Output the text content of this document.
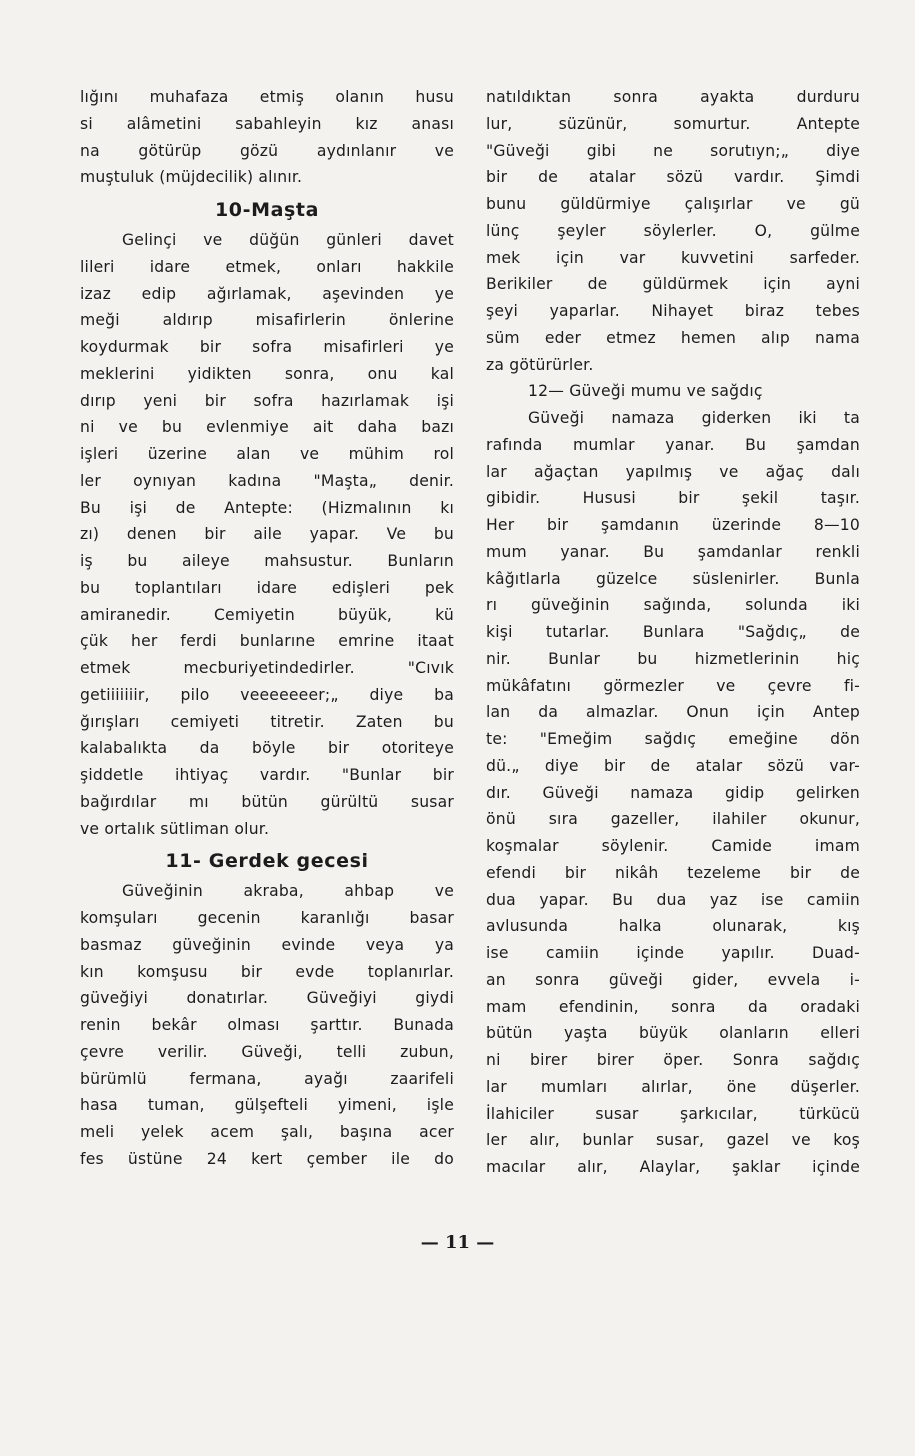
lığını muhafaza etmiş olanın husu
si alâmetini sabahleyin kız anası
na götürüp gözü aydınlanır ve
muştuluk (müjdecilik) alınır.
10-Maşta
Gelinçi ve düğün günleri davet
lileri idare etmek, onları hakkile
izaz edip ağırlamak, aşevinden ye
meği aldırıp misafirlerin önlerine
koydurmak bir sofra misafirleri ye
meklerini yidikten sonra, onu kal
dırıp yeni bir sofra hazırlamak işi
ni ve bu evlenmiye ait daha bazı
işleri üzerine alan ve mühim rol
ler oynıyan kadına "Maşta„ denir.
Bu işi de Antepte: (Hizmalının kı
zı) denen bir aile yapar. Ve bu
iş bu aileye mahsustur. Bunların
bu toplantıları idare edişleri pek
amiranedir. Cemiyetin büyük, kü
çük her ferdi bunlarıne emrine itaat
etmek mecburiyetindedirler. "Cıvık
getiiiiiiir, pilo veeeeeeer;„ diye ba
ğırışları cemiyeti titretir. Zaten bu
kalabalıkta da böyle bir otoriteye
şiddetle ihtiyaç vardır. "Bunlar bir
bağırdılar mı bütün gürültü susar
ve ortalık sütliman olur.
11- Gerdek gecesi
Güveğinin akraba, ahbap ve
komşuları gecenin karanlığı basar
basmaz güveğinin evinde veya ya
kın komşusu bir evde toplanırlar.
güveğiyi donatırlar. Güveğiyi giydi
renin bekâr olması şarttır. Bunada
çevre verilir. Güveği, telli zubun,
bürümlü fermana, ayağı zaarifeli
hasa tuman, gülşefteli yimeni, işle
meli yelek acem şalı, başına acer
fes üstüne 24 kert çember ile do
natıldıktan sonra ayakta durduru
lur, süzünür, somurtur. Antepte
"Güveği gibi ne sorutıyn;„ diye
bir de atalar sözü vardır. Şimdi
bunu güldürmiye çalışırlar ve gü
lünç şeyler söylerler. O, gülme
mek için var kuvvetini sarfeder.
Berikiler de güldürmek için ayni
şeyi yaparlar. Nihayet biraz tebes
süm eder etmez hemen alıp nama
za götürürler.
12— Güveği mumu ve sağdıç
Güveği namaza giderken iki ta
rafında mumlar yanar. Bu şamdan
lar ağaçtan yapılmış ve ağaç dalı
gibidir. Hususi bir şekil taşır.
Her bir şamdanın üzerinde 8—10
mum yanar. Bu şamdanlar renkli
kâğıtlarla güzelce süslenirler. Bunla
rı güveğinin sağında, solunda iki
kişi tutarlar. Bunlara "Sağdıç„ de
nir. Bunlar bu hizmetlerinin hiç
mükâfatını görmezler ve çevre fi-
lan da almazlar. Onun için Antep
te: "Emeğim sağdıç emeğine dön
dü.„ diye bir de atalar sözü var-
dır. Güveği namaza gidip gelirken
önü sıra gazeller, ilahiler okunur,
koşmalar söylenir. Camide imam
efendi bir nikâh tezeleme bir de
dua yapar. Bu dua yaz ise camiin
avlusunda halka olunarak, kış
ise camiin içinde yapılır. Duad-
an sonra güveği gider, evvela i-
mam efendinin, sonra da oradaki
bütün yaşta büyük olanların elleri
ni birer birer öper. Sonra sağdıç
lar mumları alırlar, öne düşerler.
İlahiciler susar şarkıcılar, türkücü
ler alır, bunlar susar, gazel ve koş
macılar alır, Alaylar, şaklar içinde
— 11 —
